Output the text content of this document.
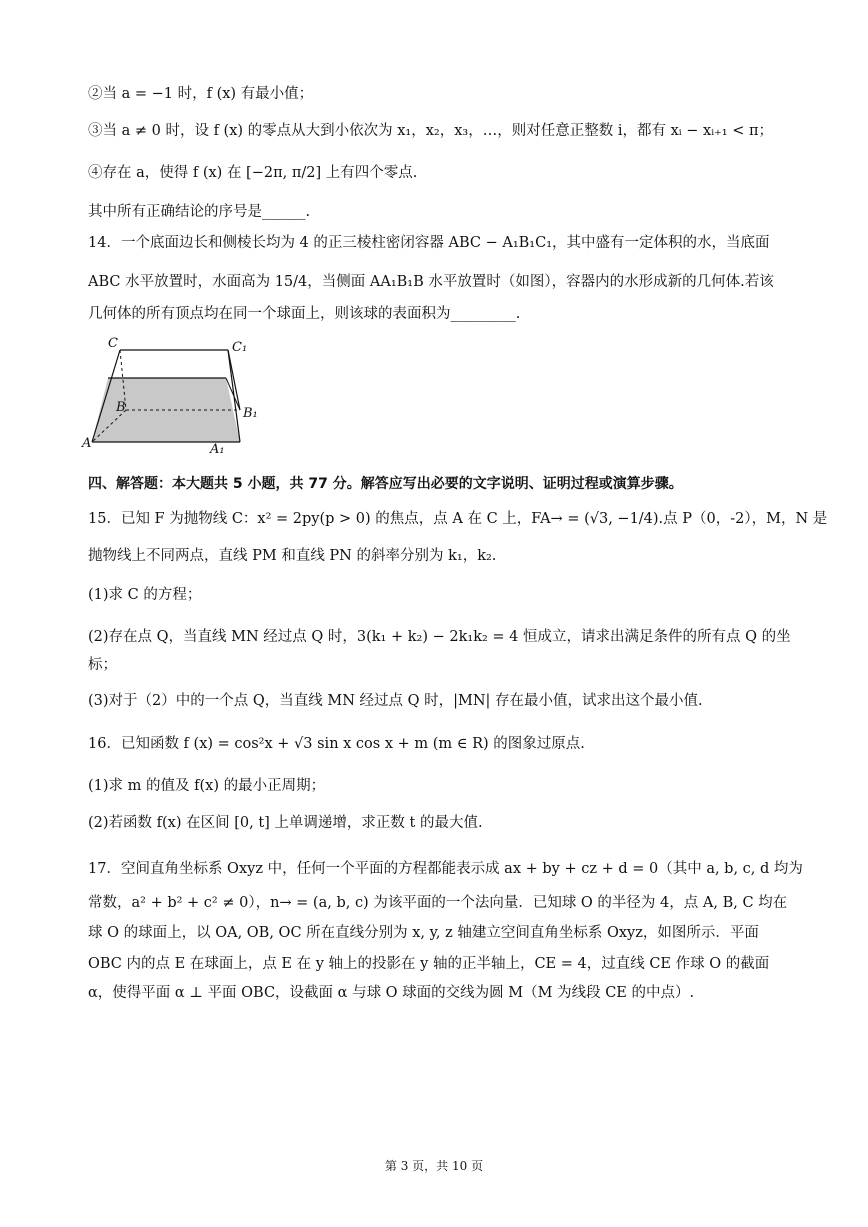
②当 a = −1 时，f (x) 有最小值；
③当 a ≠ 0 时，设 f (x) 的零点从大到小依次为 x₁，x₂，x₃，…，则对任意正整数 i，都有 xᵢ − xᵢ₊₁ < π；
④存在 a，使得 f (x) 在 [−2π, π/2] 上有四个零点.
其中所有正确结论的序号是______.
14．一个底面边长和侧棱长均为 4 的正三棱柱密闭容器 ABC − A₁B₁C₁，其中盛有一定体积的水，当底面
ABC 水平放置时，水面高为 15/4，当侧面 AA₁B₁B 水平放置时（如图），容器内的水形成新的几何体.若该
几何体的所有顶点均在同一个球面上，则该球的表面积为_________.
C	C₁
B	B₁
A	A₁
四、解答题：本大题共 5 小题，共 77 分。解答应写出必要的文字说明、证明过程或演算步骤。
15．已知 F 为抛物线 C：x² = 2py(p > 0) 的焦点，点 A 在 C 上，FA→ = (√3, −1/4).点 P（0，-2），M，N 是
抛物线上不同两点，直线 PM 和直线 PN 的斜率分别为 k₁，k₂.
(1)求 C 的方程；
(2)存在点 Q，当直线 MN 经过点 Q 时，3(k₁ + k₂) − 2k₁k₂ = 4 恒成立，请求出满足条件的所有点 Q 的坐
标；
(3)对于（2）中的一个点 Q，当直线 MN 经过点 Q 时，|MN| 存在最小值，试求出这个最小值.
16．已知函数 f (x) = cos²x + √3 sin x cos x + m (m ∈ R) 的图象过原点.
(1)求 m 的值及 f(x) 的最小正周期；
(2)若函数 f(x) 在区间 [0, t] 上单调递增，求正数 t 的最大值.
17．空间直角坐标系 Oxyz 中，任何一个平面的方程都能表示成 ax + by + cz + d = 0（其中 a, b, c, d 均为
常数，a² + b² + c² ≠ 0），n→ = (a, b, c) 为该平面的一个法向量．已知球 O 的半径为 4，点 A, B, C 均在
球 O 的球面上，以 OA, OB, OC 所在直线分别为 x, y, z 轴建立空间直角坐标系 Oxyz，如图所示．平面
OBC 内的点 E 在球面上，点 E 在 y 轴上的投影在 y 轴的正半轴上，CE = 4，过直线 CE 作球 O 的截面
α，使得平面 α ⊥ 平面 OBC，设截面 α 与球 O 球面的交线为圆 M（M 为线段 CE 的中点）.
第 3 页，共 10 页
